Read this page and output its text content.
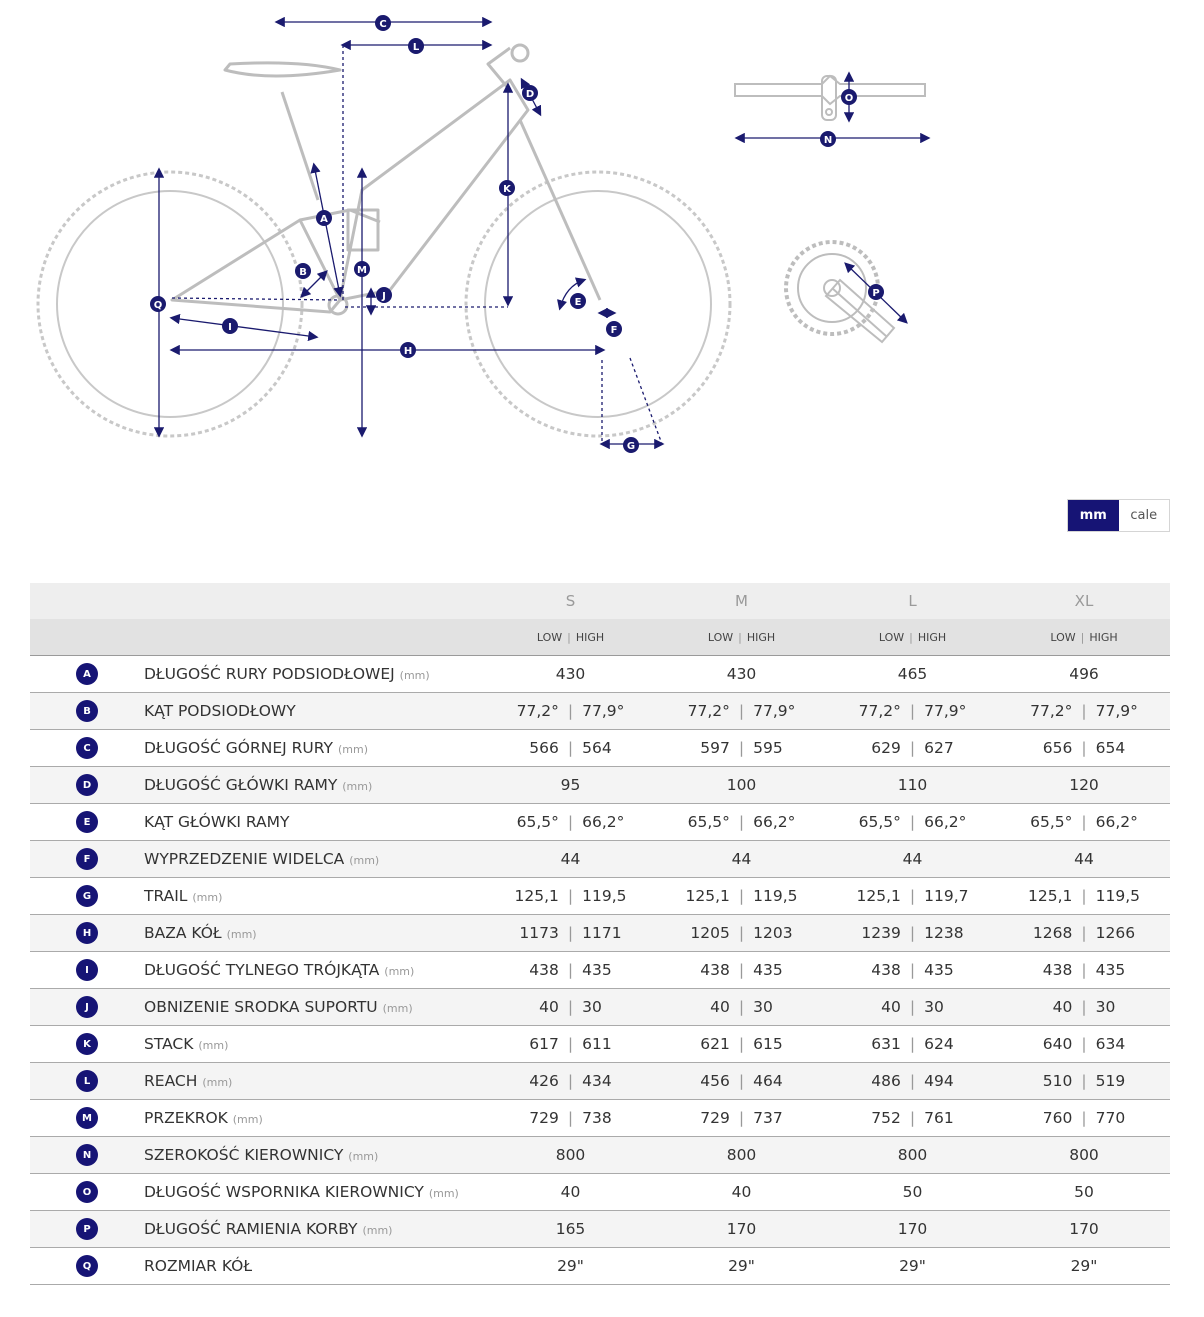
C
L
D
K
A
B	M
J
Q
I
H
E
F
G
N
O
P
mm	cale
		S	M	L	XL
		LOW | HIGH	LOW | HIGH	LOW | HIGH	LOW | HIGH
A	DŁUGOŚĆ RURY PODSIODŁOWEJ (mm)	430	430	465	496
B	KĄT PODSIODŁOWY	77,2° | 77,9°	77,2° | 77,9°	77,2° | 77,9°	77,2° | 77,9°
C	DŁUGOŚĆ GÓRNEJ RURY (mm)	566 | 564	597 | 595	629 | 627	656 | 654
D	DŁUGOŚĆ GŁÓWKI RAMY (mm)	95	100	110	120
E	KĄT GŁÓWKI RAMY	65,5° | 66,2°	65,5° | 66,2°	65,5° | 66,2°	65,5° | 66,2°
F	WYPRZEDZENIE WIDELCA (mm)	44	44	44	44
G	TRAIL (mm)	125,1 | 119,5	125,1 | 119,5	125,1 | 119,7	125,1 | 119,5
H	BAZA KÓŁ (mm)	1173 | 1171	1205 | 1203	1239 | 1238	1268 | 1266
I	DŁUGOŚĆ TYLNEGO TRÓJKĄTA (mm)	438 | 435	438 | 435	438 | 435	438 | 435
J	OBNIZENIE SRODKA SUPORTU (mm)	40 | 30	40 | 30	40 | 30	40 | 30
K	STACK (mm)	617 | 611	621 | 615	631 | 624	640 | 634
L	REACH (mm)	426 | 434	456 | 464	486 | 494	510 | 519
M	PRZEKROK (mm)	729 | 738	729 | 737	752 | 761	760 | 770
N	SZEROKOŚĆ KIEROWNICY (mm)	800	800	800	800
O	DŁUGOŚĆ WSPORNIKA KIEROWNICY (mm)	40	40	50	50
P	DŁUGOŚĆ RAMIENIA KORBY (mm)	165	170	170	170
Q	ROZMIAR KÓŁ	29"	29"	29"	29"
